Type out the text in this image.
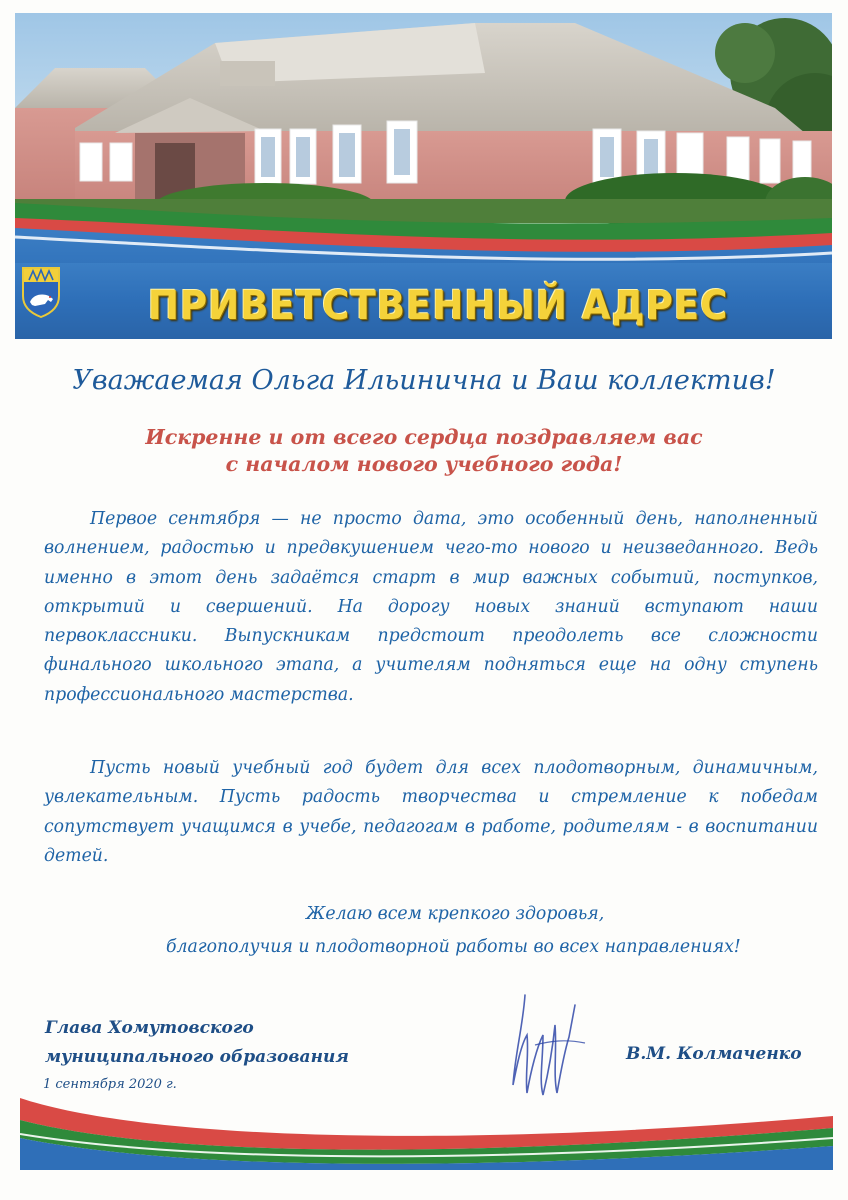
ПРИВЕТСТВЕННЫЙ АДРЕС
Уважаемая Ольга Ильинична и Ваш коллектив!
Искренне и от всего сердца поздравляем вас
с началом нового учебного года!

Первое сентября — не просто дата, это особенный день, наполненный волнением, радостью и предвкушением чего-то нового и неизведанного. Ведь именно в этот день задаётся старт в мир важных событий, поступков, открытий и свершений. На дорогу новых знаний вступают наши первоклассники. Выпускникам предстоит преодолеть все сложности финального школьного этапа, а учителям подняться еще на одну ступень профессионального мастерства.

Пусть новый учебный год будет для всех плодотворным, динамичным, увлекательным. Пусть радость творчества и стремление к победам сопутствует учащимся в учебе, педагогам в работе, родителям - в воспитании детей.

Желаю всем крепкого здоровья,
благополучия и плодотворной работы во всех направлениях!
Глава Хомутовского
муниципального образования
1 сентября 2020 г.
В.М. Колмаченко
